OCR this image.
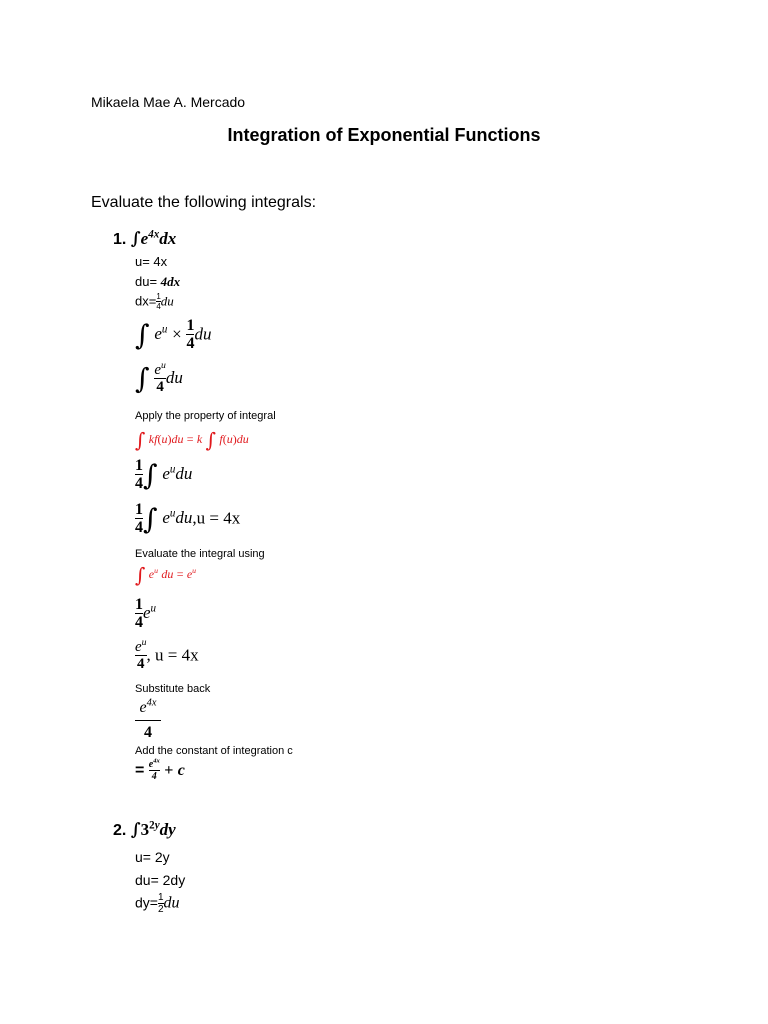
Mikaela Mae A. Mercado
Integration of Exponential Functions
Evaluate the following integrals:
1. $\int e^{4x}dx$
u= 4x
du= 4dx
$dx= \frac{1}{4}$ du
∫ $e^u \times \frac{1}{4}$ du
∫ $\frac{e^u}{4}$ du
Apply the property of integral
∫ kf(u)du = k ∫ f(u)du
$\frac{1}{4}$ ∫ $e^udu$
$\frac{1}{4}$ ∫ $e^udu,u = 4x$
Evaluate the integral using
∫ $e^u$ du = $e^u$
$\frac{1}{4} e^u$
$\frac{e^u}{4}$ , u = 4x
Substitute back
$\frac{e^{4x}}{4}$
Add the constant of integration c
= $\frac{e^{4x}}{4} + c$
2. $\int 3^{2y}dy$
u= 2y
du= 2dy
$dy= \frac{1}{2}$ du
